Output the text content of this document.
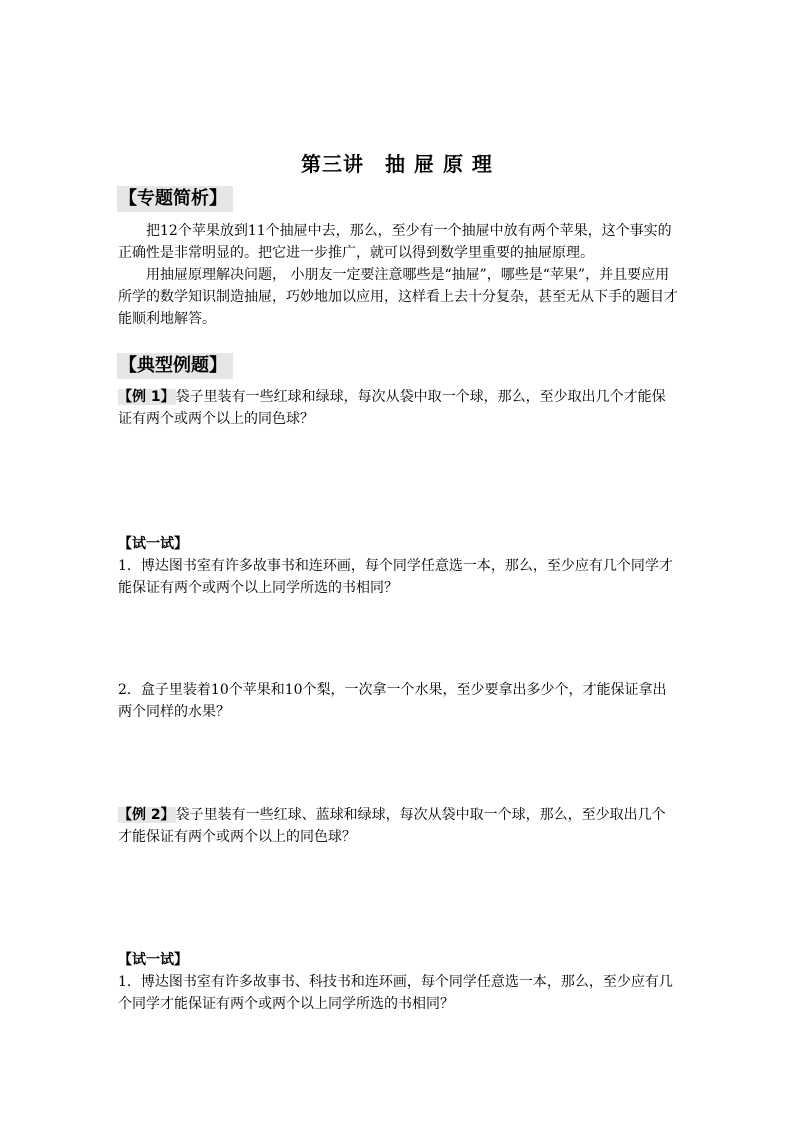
第三讲　抽 屉 原 理
【专题简析】

把12个苹果放到11个抽屉中去，那么，至少有一个抽屉中放有两个苹果，这个事实的正确性是非常明显的。把它进一步推广，就可以得到数学里重要的抽屉原理。

用抽屉原理解决问题， 小朋友一定要注意哪些是“抽屉”，哪些是“苹果”，并且要应用所学的数学知识制造抽屉，巧妙地加以应用，这样看上去十分复杂，甚至无从下手的题目才能顺利地解答。

【典型例题】

【例 1】袋子里装有一些红球和绿球，每次从袋中取一个球，那么，至少取出几个才能保证有两个或两个以上的同色球？

【试一试】

1．博达图书室有许多故事书和连环画，每个同学任意选一本，那么，至少应有几个同学才能保证有两个或两个以上同学所选的书相同？

2．盒子里装着10个苹果和10个梨，一次拿一个水果，至少要拿出多少个，才能保证拿出两个同样的水果？

【例 2】袋子里装有一些红球、蓝球和绿球，每次从袋中取一个球，那么，至少取出几个才能保证有两个或两个以上的同色球？

【试一试】

1．博达图书室有许多故事书、科技书和连环画，每个同学任意选一本，那么，至少应有几个同学才能保证有两个或两个以上同学所选的书相同？
